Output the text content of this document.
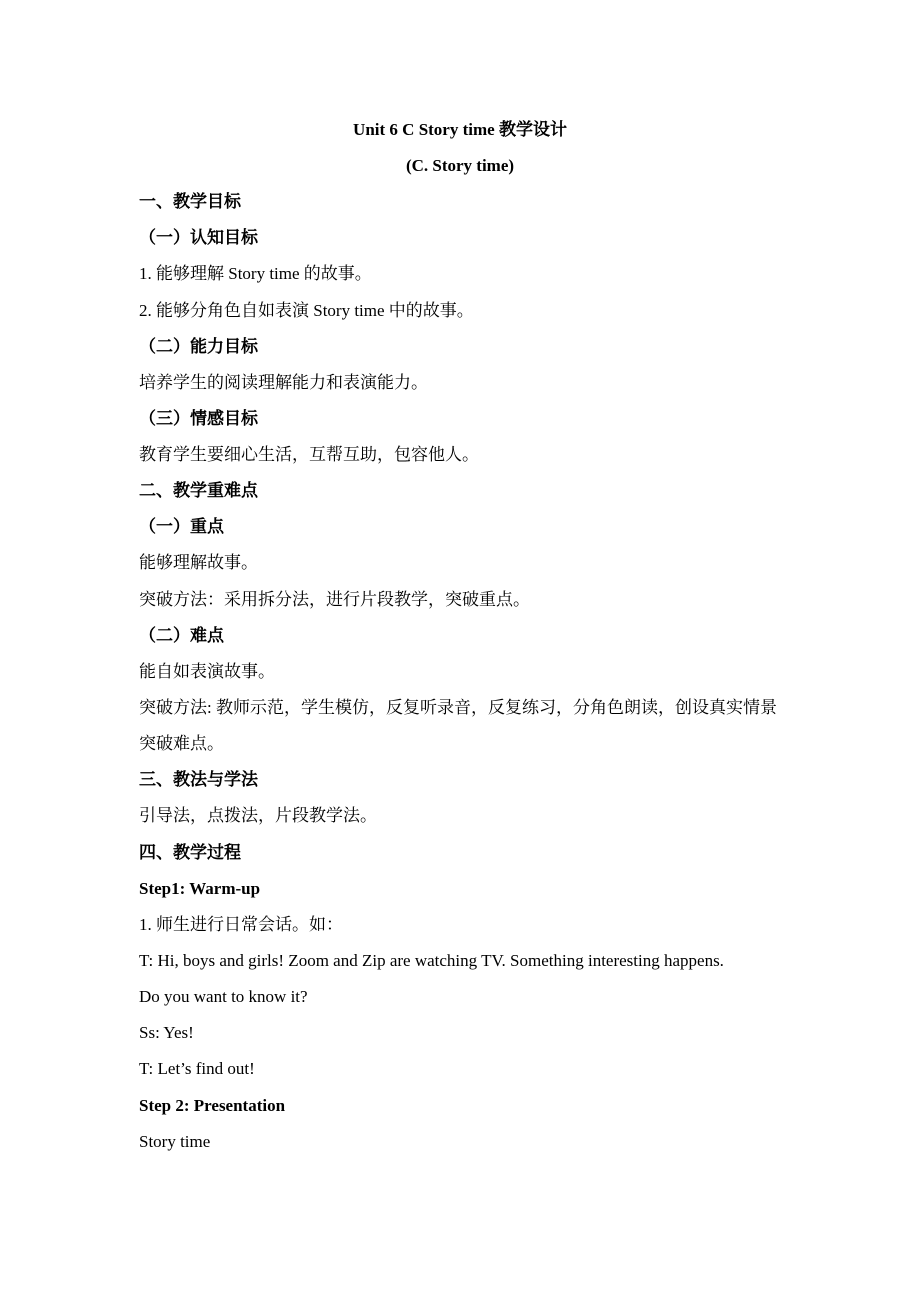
Unit 6 C Story time 教学设计
(C. Story time)
一、教学目标
（一）认知目标
1. 能够理解 Story time 的故事。
2. 能够分角色自如表演 Story time 中的故事。
（二）能力目标
培养学生的阅读理解能力和表演能力。
（三）情感目标
教育学生要细心生活，互帮互助，包容他人。
二、教学重难点
（一）重点
能够理解故事。
突破方法：采用拆分法，进行片段教学，突破重点。
（二）难点
能自如表演故事。
突破方法: 教师示范，学生模仿，反复听录音，反复练习，分角色朗读，创设真实情景突破难点。
三、教法与学法
引导法，点拨法，片段教学法。
四、教学过程
Step1: Warm-up
1. 师生进行日常会话。如：
T: Hi, boys and girls! Zoom and Zip are watching TV. Something interesting happens.
Do you want to know it?
Ss: Yes!
T: Let’s find out!
Step 2: Presentation
Story time
